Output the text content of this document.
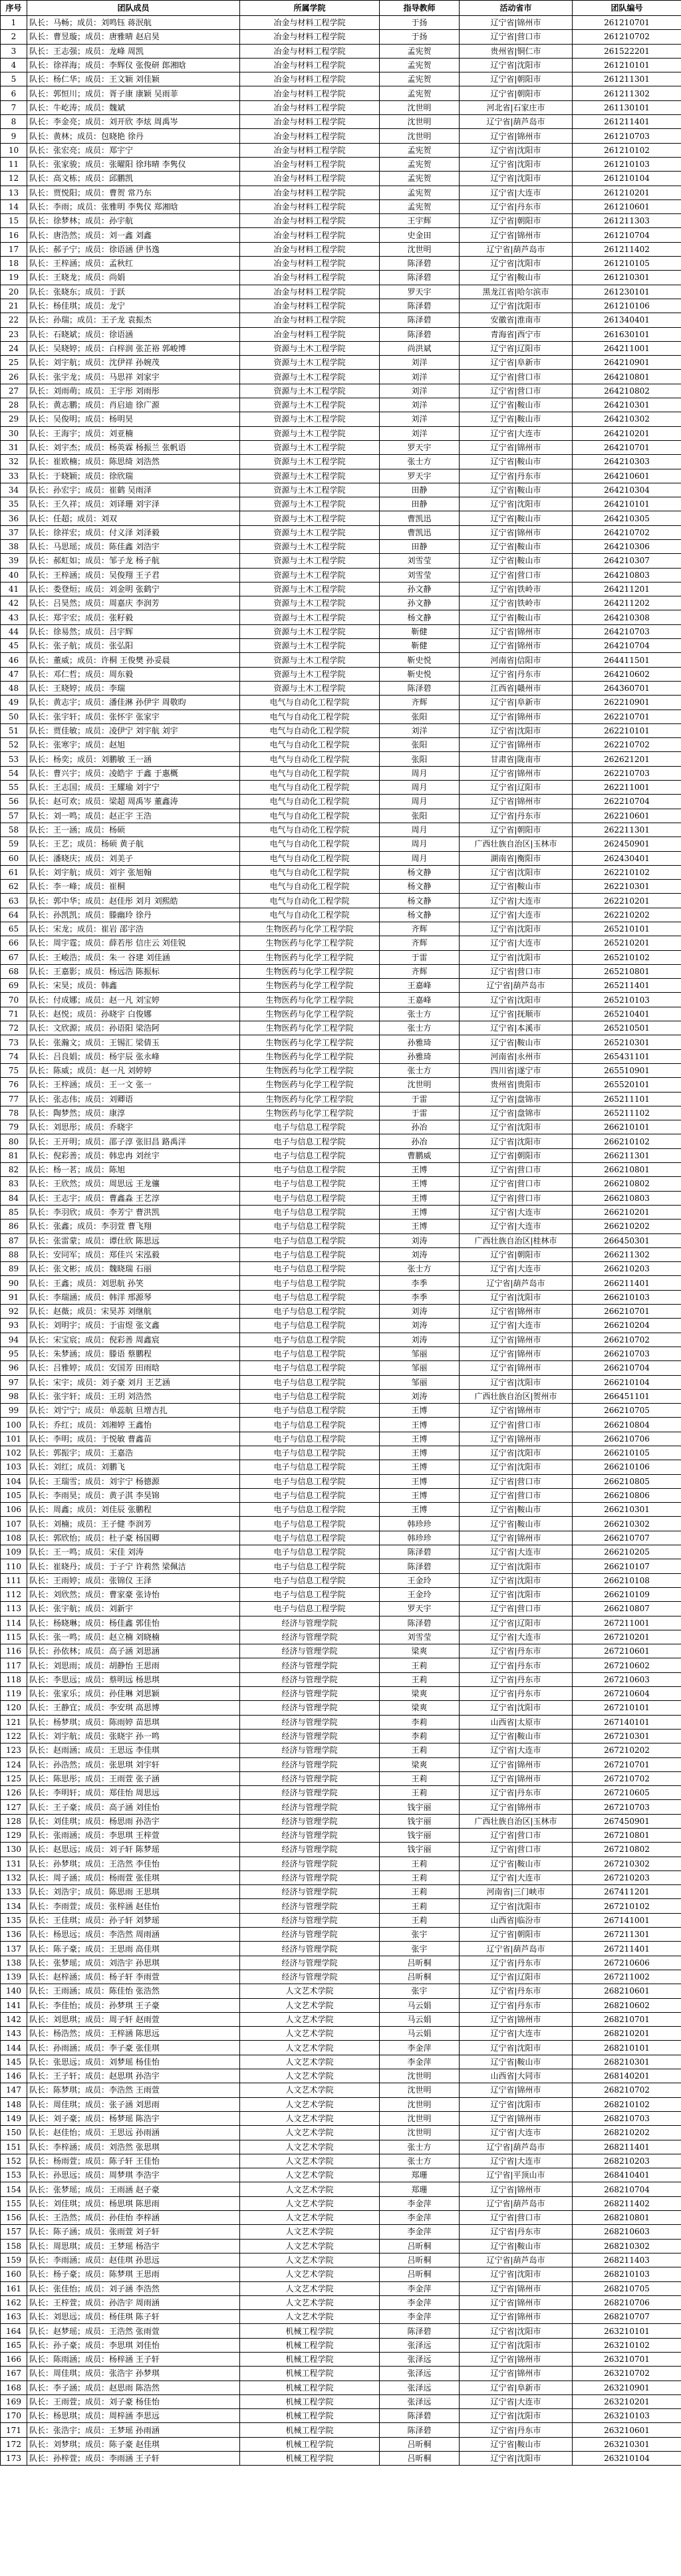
序号	团队成员	所属学院	指导教师	活动省市	团队编号
1	队长：马畅；成员：刘鸣钰 蒋泯航	冶金与材料工程学院	于扬	辽宁省|锦州市	261210701
2	队长：曹昱璇；成员：唐雅晴 赵启昊	冶金与材料工程学院	于扬	辽宁省|营口市	261210702
3	队长：王志强；成员：龙峰 周凯	冶金与材料工程学院	孟宪贺	贵州省|铜仁市	261522201
4	队长：徐祥海；成员：李辉仪 张俊研 郎湘晗	冶金与材料工程学院	孟宪贺	辽宁省|沈阳市	261210101
5	队长：杨仁华；成员：王文颖 刘佳颖	冶金与材料工程学院	孟宪贺	辽宁省|朝阳市	261211301
6	队长：郭恒川；成员：胥子康 康颖 吴雨菲	冶金与材料工程学院	孟宪贺	辽宁省|朝阳市	261211302
7	队长：牛屹涛；成员：魏斌	冶金与材料工程学院	沈世明	河北省|石家庄市	261130101
8	队长：李金亮；成员：刘开欣 李炫 周禹岑	冶金与材料工程学院	沈世明	辽宁省|葫芦岛市	261211401
9	队长：黄林；成员：包晓艳 徐丹	冶金与材料工程学院	沈世明	辽宁省|锦州市	261210703
10	队长：张宏亮；成员：郑宇宁	冶金与材料工程学院	孟宪贺	辽宁省|沈阳市	261210102
11	队长：张家骏；成员：张曜阳 徐玮晴 李隽仪	冶金与材料工程学院	孟宪贺	辽宁省|沈阳市	261210103
12	队长：高文栋；成员：邱鹏凯	冶金与材料工程学院	孟宪贺	辽宁省|沈阳市	261210104
13	队长：贾悦阳；成员：曹贺 常乃东	冶金与材料工程学院	孟宪贺	辽宁省|大连市	261210201
14	队长：李雨；成员：张雅明 李隽仪 郑湘晗	冶金与材料工程学院	孟宪贺	辽宁省|丹东市	261210601
15	队长：徐梦林；成员：孙宇航	冶金与材料工程学院	王宇辉	辽宁省|朝阳市	261211303
16	队长：唐浩然；成员：刘一鑫 刘鑫	冶金与材料工程学院	史金田	辽宁省|锦州市	261210704
17	队长：郝子宁；成员：徐语涵 伊书逸	冶金与材料工程学院	沈世明	辽宁省|葫芦岛市	261211402
18	队长：王梓涵；成员：孟秋红	冶金与材料工程学院	陈泽碧	辽宁省|沈阳市	261210105
19	队长：王晓龙；成员：尚娟	冶金与材料工程学院	陈泽碧	辽宁省|鞍山市	261210301
20	队长：张晓东；成员：于跃	冶金与材料工程学院	罗天宇	黑龙江省|哈尔滨市	261230101
21	队长：杨佳琪；成员：龙宁	冶金与材料工程学院	陈泽碧	辽宁省|沈阳市	261210106
22	队长：孙瑞；成员：王子龙 袁振杰	冶金与材料工程学院	陈泽碧	安徽省|淮南市	261340401
23	队长：石晓斌；成员：徐语涵	冶金与材料工程学院	陈泽碧	青海省|西宁市	261630101
24	队长：吴晓婷；成员：白梓润 张芷裕 郭峻博	资源与土木工程学院	尚洪斌	辽宁省|辽阳市	264211001
25	队长：刘宇航；成员：沈伊祥 孙婉茂	资源与土木工程学院	刘洋	辽宁省|阜新市	264210901
26	队长：张宇龙；成员：马思祥 刘家宇	资源与土木工程学院	刘洋	辽宁省|营口市	264210801
27	队长：刘雨萌；成员：王宇彤 刘雨彤	资源与土木工程学院	刘洋	辽宁省|营口市	264210802
28	队长：黄志鹏；成员：肖启迪 徐广源	资源与土木工程学院	刘洋	辽宁省|鞍山市	264210301
29	队长：吴俊明；成员：杨明昊	资源与土木工程学院	刘洋	辽宁省|鞍山市	264210302
30	队长：王海宇；成员：刘亚楠	资源与土木工程学院	刘洋	辽宁省|大连市	264210201
31	队长：刘宇杰；成员：杨英霖 杨振兰 张帆语	资源与土木工程学院	罗天宇	辽宁省|锦州市	264210701
32	队长：崔欧楠；成员：陈思绮 刘浩然	资源与土木工程学院	张士方	辽宁省|鞍山市	264210303
33	队长：于晓颖；成员：徐欣瑞	资源与土木工程学院	罗天宇	辽宁省|丹东市	264210601
34	队长：孙宏宇；成员：崔鹤 吴雨泽	资源与土木工程学院	田静	辽宁省|鞍山市	264210304
35	队长：王久祥；成员：刘译珊 刘宇泽	资源与土木工程学院	田静	辽宁省|沈阳市	264210101
36	队长：任超；成员：刘双	资源与土木工程学院	曹凯迅	辽宁省|鞍山市	264210305
37	队长：徐祥宏；成员：付义泽 刘泽毅	资源与土木工程学院	曹凯迅	辽宁省|锦州市	264210702
38	队长：马思瑶；成员：陈佳鑫 刘浩宇	资源与土木工程学院	田静	辽宁省|鞍山市	264210306
39	队长：郝虹如；成员：邹子龙 杨子航	资源与土木工程学院	刘雪莹	辽宁省|鞍山市	264210307
40	队长：王梓涵；成员：吴俊翔 王子君	资源与土木工程学院	刘雪莹	辽宁省|营口市	264210803
41	队长：娄登烜；成员：刘金明 张鹤宁	资源与土木工程学院	孙文静	辽宁省|铁岭市	264211201
42	队长：吕昊然；成员：周嘉庆 李润芳	资源与土木工程学院	孙文静	辽宁省|铁岭市	264211202
43	队长：郑宇宏；成员：张籽毅	资源与土木工程学院	杨文静	辽宁省|鞍山市	264210308
44	队长：徐易然；成员：吕宇辉	资源与土木工程学院	靳健	辽宁省|锦州市	264210703
45	队长：张子航；成员：张弘阳	资源与土木工程学院	靳健	辽宁省|锦州市	264210704
46	队长：董威；成员：许桐 王俊樊 孙妥晨	资源与土木工程学院	靳史悦	河南省|信阳市	264411501
47	队长：邓仁哲；成员：周东毅	资源与土木工程学院	靳史悦	辽宁省|丹东市	264210602
48	队长：王晓婷；成员：李瑞	资源与土木工程学院	陈泽碧	江西省|赣州市	264360701
49	队长：黄志宇；成员：潘佳淋 孙伊宇 周敬昀	电气与自动化工程学院	齐辉	辽宁省|阜新市	262210901
50	队长：张宇轩；成员：张怀宇 张家宇	电气与自动化工程学院	张阳	辽宁省|锦州市	262210701
51	队长：贾佳敏；成员：凌伊宁 刘宇航 刘宇	电气与自动化工程学院	刘洋	辽宁省|沈阳市	262210101
52	队长：张寒宇；成员：赵旭	电气与自动化工程学院	张阳	辽宁省|锦州市	262210702
53	队长：杨奕；成员：刘鹏敏 王一涵	电气与自动化工程学院	张阳	甘肃省|陇南市	262621201
54	队长：曹兴宇；成员：凌皓宇 于鑫 于惠概	电气与自动化工程学院	周月	辽宁省|锦州市	262210703
55	队长：王志国；成员：王耀瑜 刘宇宁	电气与自动化工程学院	周月	辽宁省|辽阳市	262211001
56	队长：赵可欢；成员：梁超 周禹岑 董鑫涛	电气与自动化工程学院	周月	辽宁省|锦州市	262210704
57	队长：刘一鸣；成员：赵正宇 王浩	电气与自动化工程学院	张阳	辽宁省|丹东市	262210601
58	队长：王一涵；成员：杨硕	电气与自动化工程学院	周月	辽宁省|朝阳市	262211301
59	队长：王艺；成员：杨硕 黄子航	电气与自动化工程学院	周月	广西壮族自治区|玉林市	262450901
60	队长：潘晓庆；成员：刘美子	电气与自动化工程学院	周月	湖南省|衡阳市	262430401
61	队长：刘宇航；成员：刘宇 张旭翰	电气与自动化工程学院	杨文静	辽宁省|沈阳市	262210102
62	队长：李一峰；成员：崔桐	电气与自动化工程学院	杨文静	辽宁省|鞍山市	262210301
63	队长：郭中华；成员：赵佳彤 刘月 刘熙皓	电气与自动化工程学院	杨文静	辽宁省|大连市	262210201
64	队长：孙凯凯；成员：滕幽玲 徐丹	电气与自动化工程学院	杨文静	辽宁省|大连市	262210202
65	队长：宋龙；成员：崔岩 邵宇浩	生物医药与化学工程学院	齐辉	辽宁省|沈阳市	265210101
66	队长：周宇霆；成员：薛若彤 信庄云 刘佳锐	生物医药与化学工程学院	齐辉	辽宁省|大连市	265210201
67	队长：王峻浩；成员：朱一 谷建 刘佳涵	生物医药与化学工程学院	于雷	辽宁省|沈阳市	265210102
68	队长：王嘉影；成员：杨远浩 陈振标	生物医药与化学工程学院	齐辉	辽宁省|营口市	265210801
69	队长：宋昊；成员：韩鑫	生物医药与化学工程学院	王嘉峰	辽宁省|葫芦岛市	265211401
70	队长：付成娜；成员：赵一凡 刘宝婷	生物医药与化学工程学院	王嘉峰	辽宁省|沈阳市	265210103
71	队长：赵悦；成员：孙晓宇 白俊娜	生物医药与化学工程学院	张士方	辽宁省|抚顺市	265210401
72	队长：文欣源；成员：孙语阳 梁浩阿	生物医药与化学工程学院	张士方	辽宁省|本溪市	265210501
73	队长：张瀚文；成员：王锡汇 梁倩玉	生物医药与化学工程学院	孙雅琦	辽宁省|鞍山市	265210301
74	队长：吕良娟；成员：杨宇辰 张永峰	生物医药与化学工程学院	孙雅琦	河南省|永州市	265431101
75	队长：陈威；成员：赵一凡 刘婷婷	生物医药与化学工程学院	张士方	四川省|遂宁市	265510901
76	队长：王梓涵；成员：王一文 张一	生物医药与化学工程学院	沈世明	贵州省|贵阳市	265520101
77	队长：张志伟；成员：刘卿语	生物医药与化学工程学院	于雷	辽宁省|盘锦市	265211101
78	队长：陶梦然；成员：康淳	生物医药与化学工程学院	于雷	辽宁省|盘锦市	265211102
79	队长：刘思彤；成员：乔晓宇	电子与信息工程学院	孙冶	辽宁省|沈阳市	266210101
80	队长：王开明；成员：邵子淳 张旧昌 路禹洋	电子与信息工程学院	孙冶	辽宁省|沈阳市	266210102
81	队长：倪彩善；成员：韩忠冉 刘丝宇	电子与信息工程学院	曹鹏威	辽宁省|朝阳市	266211301
82	队长：杨一茗；成员：陈旭	电子与信息工程学院	王博	辽宁省|营口市	266210801
83	队长：王欣然；成员：周思远 王龙骧	电子与信息工程学院	王博	辽宁省|营口市	266210802
84	队长：王志宇；成员：曹鑫淼 王艺淳	电子与信息工程学院	王博	辽宁省|营口市	266210803
85	队长：李羽欣；成员：李芳宁 曹洪凯	电子与信息工程学院	王博	辽宁省|大连市	266210201
86	队长：张鑫；成员：李羽萱 曹飞翔	电子与信息工程学院	王博	辽宁省|大连市	266210202
87	队长：张雷蒙；成员：谭仕欣 陈思远	电子与信息工程学院	刘涛	广西壮族自治区|桂林市	266450301
88	队长：安同军；成员：郑佳兴 宋泓毅	电子与信息工程学院	刘涛	辽宁省|朝阳市	266211302
89	队长：张文彬；成员：魏晓瑞 石丽	电子与信息工程学院	张士方	辽宁省|大连市	266210203
90	队长：王鑫；成员：刘思航 孙笑	电子与信息工程学院	李季	辽宁省|葫芦岛市	266211401
91	队长：李瑞涵；成员：韩洋 邢源琴	电子与信息工程学院	李季	辽宁省|沈阳市	266210103
92	队长：赵薇；成员：宋昊苏 刘继航	电子与信息工程学院	刘涛	辽宁省|锦州市	266210701
93	队长：刘明宇；成员：于宙煜 张文鑫	电子与信息工程学院	刘涛	辽宁省|大连市	266210204
94	队长：宋宝宸；成员：倪彩善 周鑫宸	电子与信息工程学院	刘涛	辽宁省|锦州市	266210702
95	队长：朱梦涵；成员：滕语 蔡鹏程	电子与信息工程学院	邹丽	辽宁省|锦州市	266210703
96	队长：吕雅婷；成员：安国芳 田雨晗	电子与信息工程学院	邹丽	辽宁省|锦州市	266210704
97	队长：宋宇；成员：刘子豪 刘月 王艺涵	电子与信息工程学院	邹丽	辽宁省|沈阳市	266210104
98	队长：张宇轩；成员：王玥 刘浩然	电子与信息工程学院	刘涛	广西壮族自治区|贺州市	266451101
99	队长：刘宁宁；成员：单蕊航 旦增吉扎	电子与信息工程学院	王博	辽宁省|锦州市	266210705
100	队长：乔红；成员：刘湘婷 王鑫怡	电子与信息工程学院	王博	辽宁省|营口市	266210804
101	队长：李明；成员：于悦敏 曹鑫苗	电子与信息工程学院	王博	辽宁省|锦州市	266210706
102	队长：郭振宇；成员：王嘉浩	电子与信息工程学院	王博	辽宁省|沈阳市	266210105
103	队长：刘红；成员：刘鹏飞	电子与信息工程学院	王博	辽宁省|沈阳市	266210106
104	队长：王瑞雪；成员：刘宇宁 杨德源	电子与信息工程学院	王博	辽宁省|营口市	266210805
105	队长：李雨昊；成员：黄子淇 李昊锦	电子与信息工程学院	王博	辽宁省|营口市	266210806
106	队长：周鑫；成员：刘佳辰 张鹏程	电子与信息工程学院	王博	辽宁省|鞍山市	266210301
107	队长：刘楠；成员：王子健 李润芳	电子与信息工程学院	韩珍珍	辽宁省|鞍山市	266210302
108	队长：郭欣怡；成员：杜子豪 杨国卿	电子与信息工程学院	韩珍珍	辽宁省|锦州市	266210707
109	队长：王一鸣；成员：宋佳 刘涛	电子与信息工程学院	陈泽碧	辽宁省|大连市	266210205
110	队长：崔晓丹；成员：于子宁 许莉然 梁佩洁	电子与信息工程学院	陈泽碧	辽宁省|沈阳市	266210107
111	队长：王雨婷；成员：张锦仪 王泽	电子与信息工程学院	王金玲	辽宁省|沈阳市	266210108
112	队长：刘欣然；成员：曹家豪 张诗怡	电子与信息工程学院	王金玲	辽宁省|沈阳市	266210109
113	队长：张宇航；成员：刘新宇	电子与信息工程学院	罗天宇	辽宁省|营口市	266210807
114	队长：杨晓琳；成员：杨佳鑫 郭佳怡	经济与管理学院	陈泽碧	辽宁省|辽阳市	267211001
115	队长：张一鸣；成员：赵立楠 刘晓楠	经济与管理学院	刘雪莹	辽宁省|大连市	267210201
116	队长：孙依林；成员：高子涵 刘思涵	经济与管理学院	梁爽	辽宁省|丹东市	267210601
117	队长：刘思雨；成员：胡静怡 王思雨	经济与管理学院	王莉	辽宁省|丹东市	267210602
118	队长：李思远；成员：蔡明远 杨思琪	经济与管理学院	王莉	辽宁省|丹东市	267210603
119	队长：张家乐；成员：孙佳琳 刘思颖	经济与管理学院	梁爽	辽宁省|丹东市	267210604
120	队长：王静宜；成员：李安琪 高思博	经济与管理学院	梁爽	辽宁省|沈阳市	267210101
121	队长：杨梦琪；成员：陈雨婷 苗思琪	经济与管理学院	李莉	山西省|太原市	267140101
122	队长：刘宇航；成员：张晓宇 孙一鸣	经济与管理学院	李莉	辽宁省|鞍山市	267210301
123	队长：赵雨涵；成员：王思远 李佳琪	经济与管理学院	王莉	辽宁省|大连市	267210202
124	队长：孙浩然；成员：张思琪 刘宇轩	经济与管理学院	梁爽	辽宁省|锦州市	267210701
125	队长：陈思彤；成员：王雨萱 张子涵	经济与管理学院	王莉	辽宁省|锦州市	267210702
126	队长：李明轩；成员：郑佳怡 周思远	经济与管理学院	王莉	辽宁省|丹东市	267210605
127	队长：王子豪；成员：高子涵 刘佳怡	经济与管理学院	钱宇丽	辽宁省|锦州市	267210703
128	队长：刘佳琪；成员：杨思雨 孙浩宇	经济与管理学院	钱宇丽	广西壮族自治区|玉林市	267450901
129	队长：张雨涵；成员：李思琪 王梓萱	经济与管理学院	钱宇丽	辽宁省|营口市	267210801
130	队长：赵思远；成员：刘子轩 陈梦瑶	经济与管理学院	钱宇丽	辽宁省|营口市	267210802
131	队长：孙梦琪；成员：王浩然 李佳怡	经济与管理学院	王莉	辽宁省|鞍山市	267210302
132	队长：周子涵；成员：杨雨萱 张佳琪	经济与管理学院	王莉	辽宁省|大连市	267210203
133	队长：刘浩宇；成员：陈思雨 王思琪	经济与管理学院	王莉	河南省|三门峡市	267411201
134	队长：李雨萱；成员：张梓涵 赵佳怡	经济与管理学院	王莉	辽宁省|沈阳市	267210102
135	队长：王佳琪；成员：孙子轩 刘梦瑶	经济与管理学院	王莉	山西省|临汾市	267141001
136	队长：杨思远；成员：李浩然 周雨涵	经济与管理学院	张宇	辽宁省|朝阳市	267211301
137	队长：陈子豪；成员：王思雨 高佳琪	经济与管理学院	张宇	辽宁省|葫芦岛市	267211401
138	队长：张梦瑶；成员：刘浩宇 孙思琪	经济与管理学院	吕昕桐	辽宁省|丹东市	267210606
139	队长：赵梓涵；成员：杨子轩 李雨萱	经济与管理学院	吕昕桐	辽宁省|辽阳市	267211002
140	队长：王雨涵；成员：陈佳怡 张浩然	人文艺术学院	张宇	辽宁省|丹东市	268210601
141	队长：李佳怡；成员：孙梦琪 王子豪	人文艺术学院	马云娟	辽宁省|丹东市	268210602
142	队长：刘思琪；成员：周子轩 赵雨萱	人文艺术学院	马云娟	辽宁省|锦州市	268210701
143	队长：杨浩然；成员：王梓涵 陈思远	人文艺术学院	马云娟	辽宁省|大连市	268210201
144	队长：孙雨涵；成员：李子豪 张佳琪	人文艺术学院	李金萍	辽宁省|沈阳市	268210101
145	队长：张思远；成员：刘梦瑶 杨佳怡	人文艺术学院	李金萍	辽宁省|鞍山市	268210301
146	队长：王子轩；成员：赵思琪 孙浩宇	人文艺术学院	沈世明	山西省|大同市	268140201
147	队长：陈梦琪；成员：李浩然 王雨萱	人文艺术学院	沈世明	辽宁省|锦州市	268210702
148	队长：周佳琪；成员：张子涵 刘思雨	人文艺术学院	沈世明	辽宁省|沈阳市	268210102
149	队长：刘子豪；成员：杨梦瑶 陈浩宇	人文艺术学院	沈世明	辽宁省|锦州市	268210703
150	队长：赵佳怡；成员：王思远 孙雨涵	人文艺术学院	沈世明	辽宁省|大连市	268210202
151	队长：李梓涵；成员：刘浩然 张思琪	人文艺术学院	张士方	辽宁省|葫芦岛市	268211401
152	队长：杨雨萱；成员：陈子轩 王佳怡	人文艺术学院	张士方	辽宁省|大连市	268210203
153	队长：孙思远；成员：周梦琪 李浩宇	人文艺术学院	郑珊	辽宁省|平顶山市	268410401
154	队长：张梦瑶；成员：王雨涵 赵子豪	人文艺术学院	郑珊	辽宁省|锦州市	268210704
155	队长：刘佳琪；成员：杨思琪 陈思雨	人文艺术学院	李金萍	辽宁省|葫芦岛市	268211402
156	队长：王浩然；成员：孙佳怡 李梓涵	人文艺术学院	李金萍	辽宁省|营口市	268210801
157	队长：陈子涵；成员：张雨萱 刘子轩	人文艺术学院	李金萍	辽宁省|丹东市	268210603
158	队长：周思琪；成员：王梦瑶 杨浩宇	人文艺术学院	吕昕桐	辽宁省|鞍山市	268210302
159	队长：李雨涵；成员：赵佳琪 孙思远	人文艺术学院	吕昕桐	辽宁省|葫芦岛市	268211403
160	队长：杨子豪；成员：陈梦琪 王思雨	人文艺术学院	吕昕桐	辽宁省|沈阳市	268210103
161	队长：张佳怡；成员：刘子涵 李浩然	人文艺术学院	李金萍	辽宁省|锦州市	268210705
162	队长：王梓萱；成员：孙浩宇 周雨涵	人文艺术学院	李金萍	辽宁省|锦州市	268210706
163	队长：刘思远；成员：杨佳琪 陈子轩	人文艺术学院	李金萍	辽宁省|锦州市	268210707
164	队长：赵梦瑶；成员：王浩然 张雨萱	机械工程学院	陈泽碧	辽宁省|沈阳市	263210101
165	队长：孙子豪；成员：李思琪 刘佳怡	机械工程学院	张泽远	辽宁省|沈阳市	263210102
166	队长：陈雨涵；成员：杨梓涵 王子轩	机械工程学院	张泽远	辽宁省|锦州市	263210701
167	队长：周佳琪；成员：张浩宇 孙梦琪	机械工程学院	张泽远	辽宁省|锦州市	263210702
168	队长：李子涵；成员：赵思雨 陈浩然	机械工程学院	张泽远	辽宁省|阜新市	263210901
169	队长：王雨萱；成员：刘子豪 杨佳怡	机械工程学院	张泽远	辽宁省|大连市	263210201
170	队长：杨思琪；成员：周梓涵 李思远	机械工程学院	陈泽碧	辽宁省|沈阳市	263210103
171	队长：张浩宇；成员：王梦瑶 孙雨涵	机械工程学院	陈泽碧	辽宁省|丹东市	263210601
172	队长：刘梦琪；成员：陈子豪 赵佳琪	机械工程学院	吕昕桐	辽宁省|鞍山市	263210301
173	队长：孙梓萱；成员：李雨涵 王子轩	机械工程学院	吕昕桐	辽宁省|沈阳市	263210104
